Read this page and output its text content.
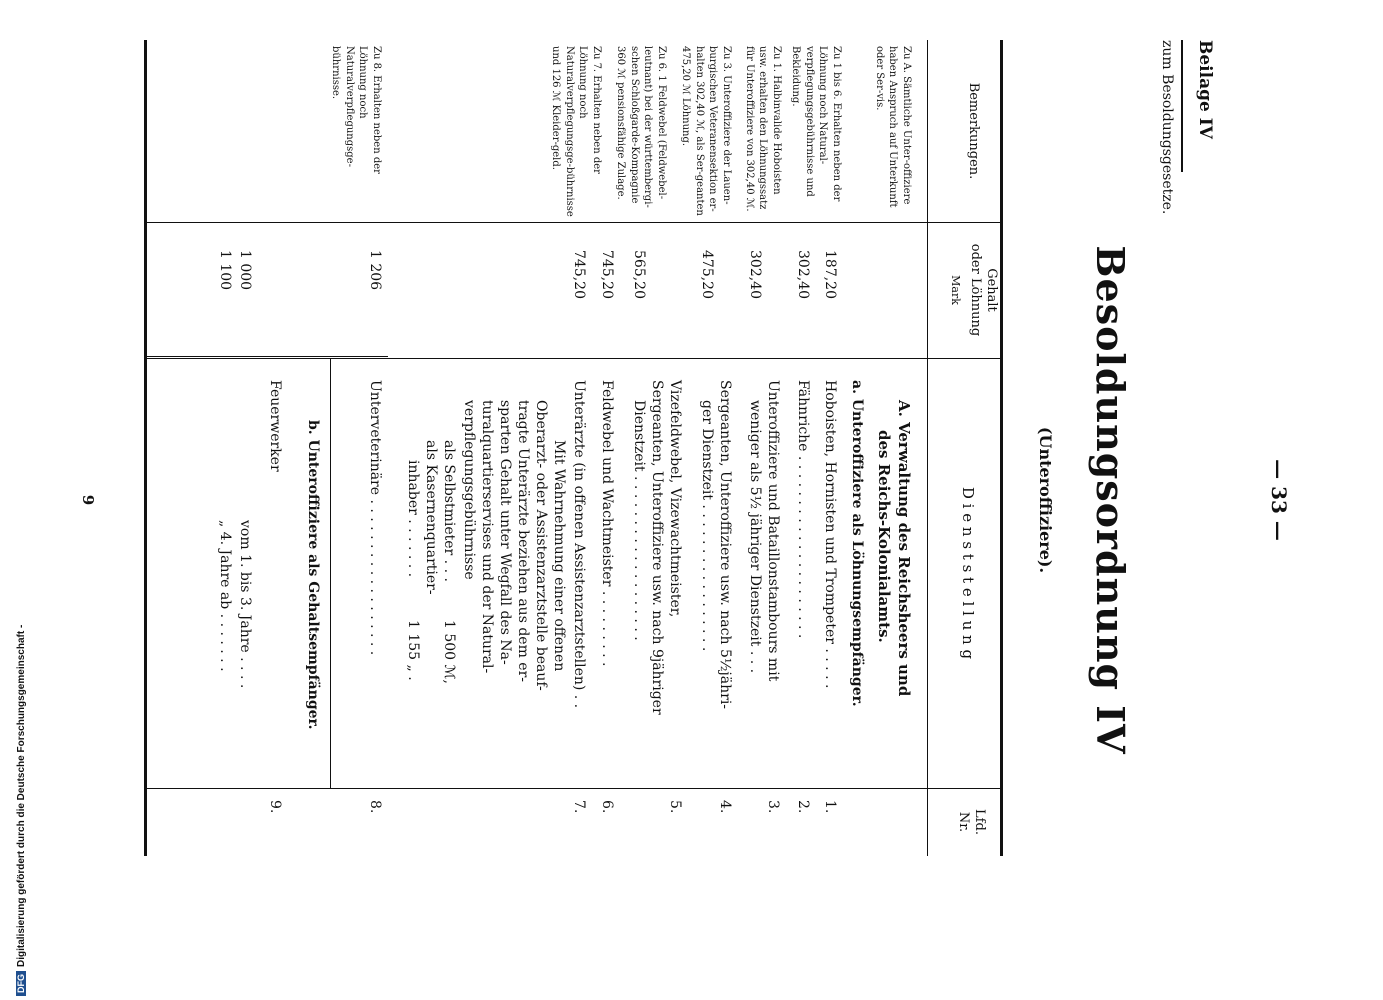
— 33 —
Beilage IV
zum Besoldungsgesetze.
Besoldungsordnung IV
(Unteroffiziere).
Bemerkungen.
Gehalt
oder Löhnung
Mark
D i e n s t s t e l l u n g
Lfd.
Nr.
A. Verwaltung des Reichsheers und
des Reichs-Kolonialamts.
a. Unteroffiziere als Löhnungsempfänger.
1.
Hoboisten, Hornisten und Trompeter . . . . .
187,20
2.
Fähnriche . . . . . . . . . . . . . . . . . . . . .
302,40
3.
Unteroffiziere und Bataillonstambours mit
weniger als 5½ jähriger Dienstzeit . . .
302,40
4.
Sergeanten, Unteroffiziere usw. nach 5½jähri-
ger Dienstzeit . . . . . . . . . . . . . . . . .
475,20
5.
Vizefeldwebel, Vizewachtmeister,
Sergeanten, Unteroffiziere usw. nach 9jähriger
Dienstzeit . . . . . . . . . . . . . . . . . . .
565,20
6.
Feldwebel und Wachtmeister . . . . . . . . .
745,20
7.
Unterärzte (in offenen Assistenzarztstellen) . .
745,20
Mit Wahrnehmung einer offenen
Oberarzt- oder Assistenzarztstelle beauf-
tragte Unterärzte beziehen aus dem er-
sparten Gehalt unter Wegfall des Na-
turalquartierservises und der Natural-
verpflegungsgebührnisse
als Selbstmieter . . .
1 500 ℳ,
als Kasernenquartier-
inhaber . . . . . . .
1 155 „ .
8.
Unterveterinäre . . . . . . . . . . . . . . . . . .
1 206
b. Unteroffiziere als Gehaltsempfänger.
9.
Feuerwerker
vom 1. bis 3. Jahre . . . .
1 000
„ 4. Jahre ab . . . . . . .
1 100
Zu A. Sämtliche Unter-offiziere haben Anspruch auf Unterkunft oder Ser-vis.
Zu 1 bis 6. Erhalten neben der Löhnung noch Natural-verpflegungsgebührnisse und Bekleidung.
Zu 1. Halbinvalide Hoboisten usw. erhalten den Löhnungssatz für Unteroffiziere von 302,40 ℳ.
Zu 3. Unteroffiziere der Lauen-burgischen Veteranensektion er-halten 302,40 ℳ, als Ser-geanten 475,20 ℳ Löhnung.
Zu 6. 1 Feldwebel (Feldwebel-leutnant) bei der württembergi-schen Schloßgarde-Kompagnie 360 ℳ pensionsfähige Zulage.
Zu 7. Erhalten neben der Löhnung noch Naturalverpflegungsge-bührnisse und 126 ℳ Kleider-geld.
Zu 8. Erhalten neben der Löhnung noch Naturalverpflegungsge-bührnisse.
9
DFGDigitalisierung gefördert durch die Deutsche Forschungsgemeinschaft -
